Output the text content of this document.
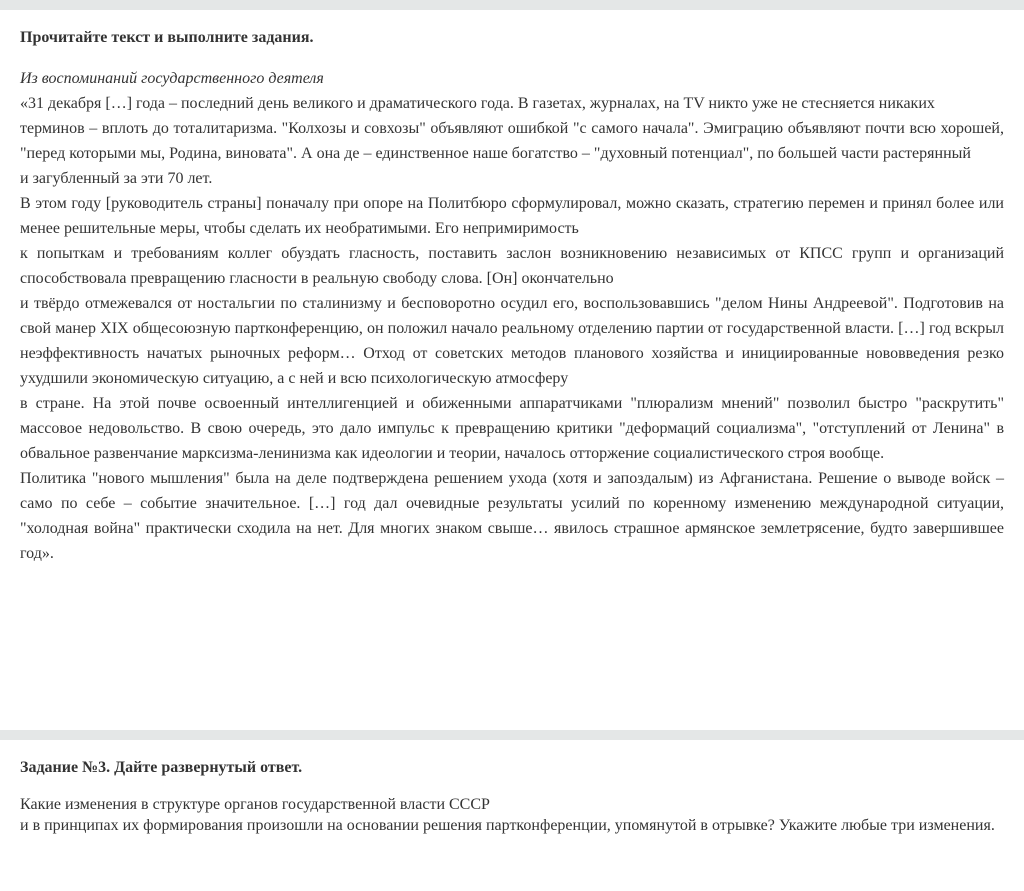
Прочитайте текст и выполните задания.
Из воспоминаний государственного деятеля

«31 декабря […] года – последний день великого и драматического года. В газетах, журналах, на TV никто уже не стесняется никаких

терминов – вплоть до тоталитаризма. "Колхозы и совхозы" объявляют ошибкой "с самого начала". Эмиграцию объявляют почти всю хорошей, "перед которыми мы, Родина, виновата". А она де – единственное наше богатство – "духовный потенциал", по большей части растерянный

и загубленный за эти 70 лет.

В этом году [руководитель страны] поначалу при опоре на Политбюро сформулировал, можно сказать, стратегию перемен и принял более или менее решительные меры, чтобы сделать их необратимыми. Его непримиримость

к попыткам и требованиям коллег обуздать гласность, поставить заслон возникновению независимых от КПСС групп и организаций способствовала превращению гласности в реальную свободу слова. [Он] окончательно

и твёрдо отмежевался от ностальгии по сталинизму и бесповоротно осудил его, воспользовавшись "делом Нины Андреевой". Подготовив на свой манер XIX общесоюзную партконференцию, он положил начало реальному отделению партии от государственной власти. […] год вскрыл неэффективность начатых рыночных реформ… Отход от советских методов планового хозяйства и инициированные нововведения резко ухудшили экономическую ситуацию, а с ней и всю психологическую атмосферу

в стране. На этой почве освоенный интеллигенцией и обиженными аппаратчиками "плюрализм мнений" позволил быстро "раскрутить" массовое недовольство. В свою очередь, это дало импульс к превращению критики "деформаций социализма", "отступлений от Ленина" в обвальное развенчание марксизма-ленинизма как идеологии и теории, началось отторжение социалистического строя вообще.

Политика "нового мышления" была на деле подтверждена решением ухода (хотя и запоздалым) из Афганистана. Решение о выводе войск – само по себе – событие значительное. […] год дал очевидные результаты усилий по коренному изменению международной ситуации, "холодная война" практически сходила на нет. Для многих знаком свыше… явилось страшное армянское землетрясение, будто завершившее год».

Задание №3. Дайте развернутый ответ.

Какие изменения в структуре органов государственной власти СССР

и в принципах их формирования произошли на основании решения партконференции, упомянутой в отрывке? Укажите любые три изменения.
